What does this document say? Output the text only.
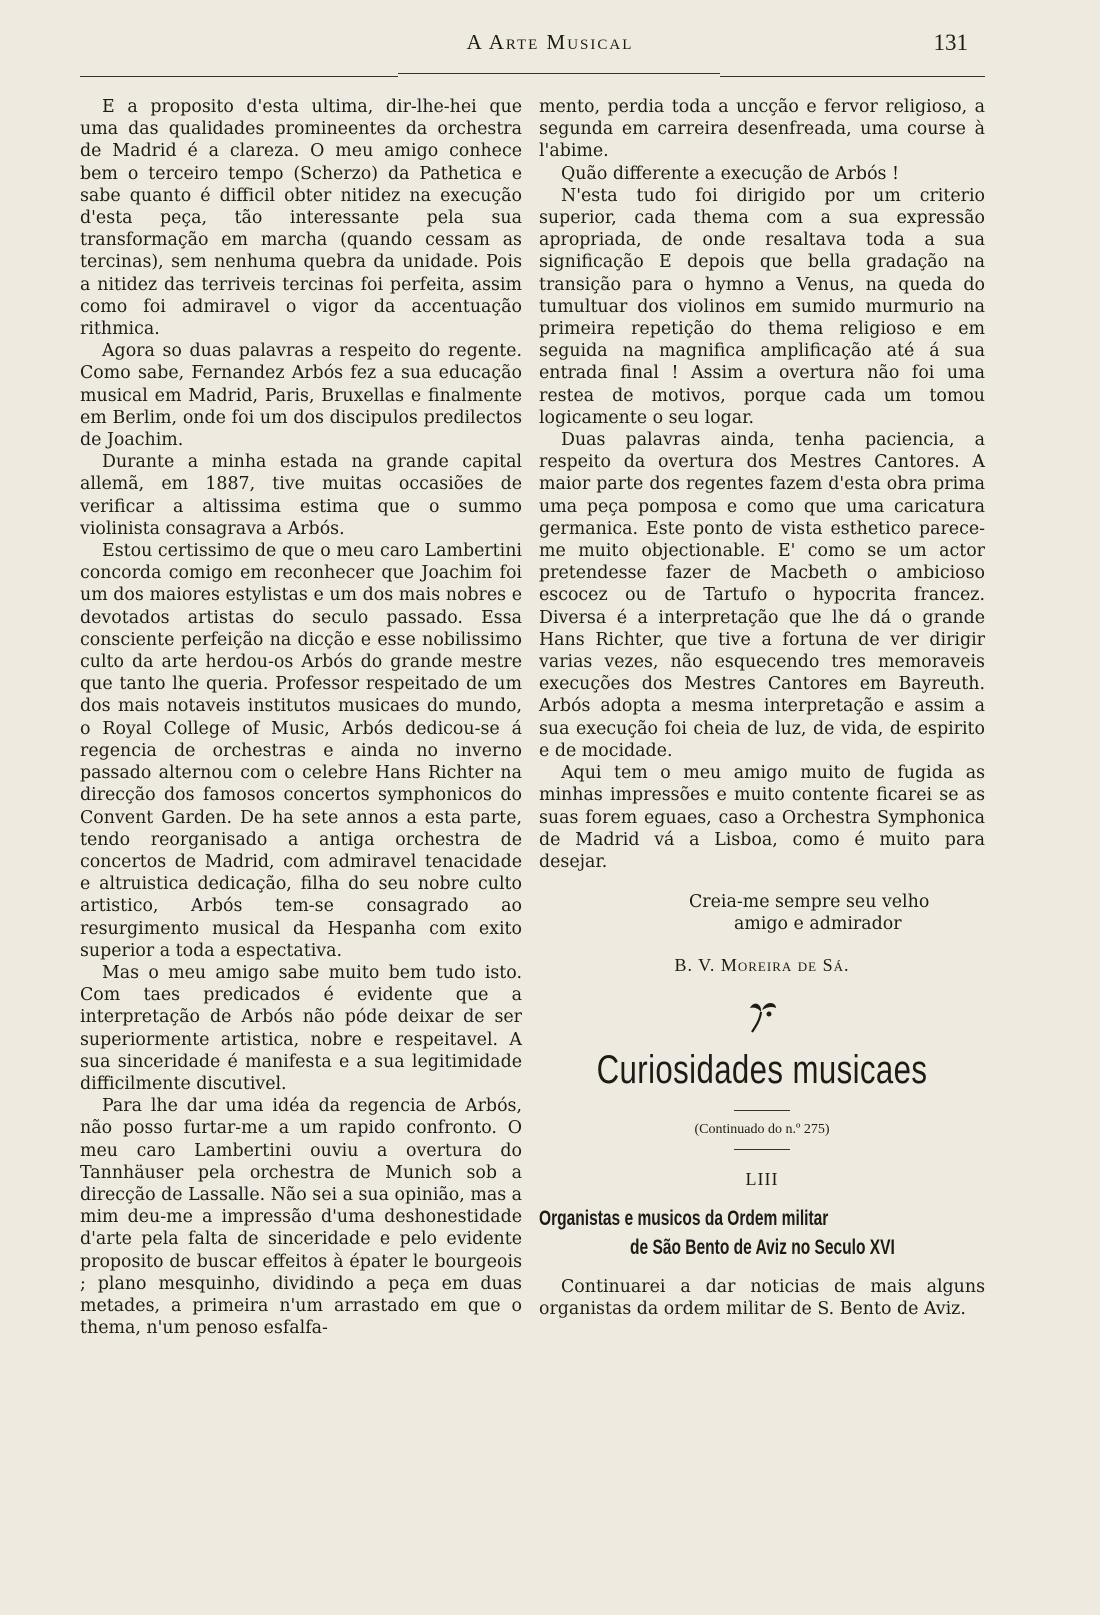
A Arte Musical	131

E a proposito d'esta ultima, dir-lhe-hei que uma das qualidades promineentes da orchestra de Madrid é a clareza. O meu amigo conhece bem o terceiro tempo (Scherzo) da Pathetica e sabe quanto é difficil obter nitidez na execução d'esta peça, tão interessante pela sua transformação em marcha (quando cessam as tercinas), sem nenhuma quebra da unidade. Pois a nitidez das terriveis tercinas foi perfeita, assim como foi admiravel o vigor da accentuação rithmica.

Agora so duas palavras a respeito do regente. Como sabe, Fernandez Arbós fez a sua educação musical em Madrid, Paris, Bruxellas e finalmente em Berlim, onde foi um dos discipulos predilectos de Joachim.

Durante a minha estada na grande capital allemã, em 1887, tive muitas occasiões de verificar a altissima estima que o summo violinista consagrava a Arbós.

Estou certissimo de que o meu caro Lambertini concorda comigo em reconhecer que Joachim foi um dos maiores estylistas e um dos mais nobres e devotados artistas do seculo passado. Essa consciente perfeição na dicção e esse nobilissimo culto da arte herdou-os Arbós do grande mestre que tanto lhe queria. Professor respeitado de um dos mais notaveis institutos musicaes do mundo, o Royal College of Music, Arbós dedicou-se á regencia de orchestras e ainda no inverno passado alternou com o celebre Hans Richter na direcção dos famosos concertos symphonicos do Convent Garden. De ha sete annos a esta parte, tendo reorganisado a antiga orchestra de concertos de Madrid, com admiravel tenacidade e altruistica dedicação, filha do seu nobre culto artistico, Arbós tem-se consagrado ao resurgimento musical da Hespanha com exito superior a toda a espectativa.

Mas o meu amigo sabe muito bem tudo isto. Com taes predicados é evidente que a interpretação de Arbós não póde deixar de ser superiormente artistica, nobre e respeitavel. A sua sinceridade é manifesta e a sua legitimidade difficilmente discutivel.

Para lhe dar uma idéa da regencia de Arbós, não posso furtar-me a um rapido confronto. O meu caro Lambertini ouviu a overtura do Tannhäuser pela orchestra de Munich sob a direcção de Lassalle. Não sei a sua opinião, mas a mim deu-me a impressão d'uma deshonestidade d'arte pela falta de sinceridade e pelo evidente proposito de buscar effeitos à épater le bourgeois ; plano mesquinho, dividindo a peça em duas metades, a primeira n'um arrastado em que o thema, n'um penoso esfalfa-

mento, perdia toda a uncção e fervor religioso, a segunda em carreira desenfreada, uma course à l'abime.

Quão differente a execução de Arbós !

N'esta tudo foi dirigido por um criterio superior, cada thema com a sua expressão apropriada, de onde resaltava toda a sua significação E depois que bella gradação na transição para o hymno a Venus, na queda do tumultuar dos violinos em sumido murmurio na primeira repetição do thema religioso e em seguida na magnifica amplificação até á sua entrada final ! Assim a overtura não foi uma restea de motivos, porque cada um tomou logicamente o seu logar.

Duas palavras ainda, tenha paciencia, a respeito da overtura dos Mestres Cantores. A maior parte dos regentes fazem d'esta obra prima uma peça pomposa e como que uma caricatura germanica. Este ponto de vista esthetico parece-me muito objectionable. E' como se um actor pretendesse fazer de Macbeth o ambicioso escocez ou de Tartufo o hypocrita francez. Diversa é a interpretação que lhe dá o grande Hans Richter, que tive a fortuna de ver dirigir varias vezes, não esquecendo tres memoraveis execuções dos Mestres Cantores em Bayreuth. Arbós adopta a mesma interpretação e assim a sua execução foi cheia de luz, de vida, de espirito e de mocidade.

Aqui tem o meu amigo muito de fugida as minhas impressões e muito contente ficarei se as suas forem eguaes, caso a Orchestra Symphonica de Madrid vá a Lisboa, como é muito para desejar.

Creia-me sempre seu velho
amigo e admirador
B. V. Moreira de Sá.
Curiosidades musicaes
(Continuado do n.º 275)
LIII
Organistas e musicos da Ordem militar
de São Bento de Aviz no Seculo XVI

Continuarei a dar noticias de mais alguns organistas da ordem militar de S. Bento de Aviz.
